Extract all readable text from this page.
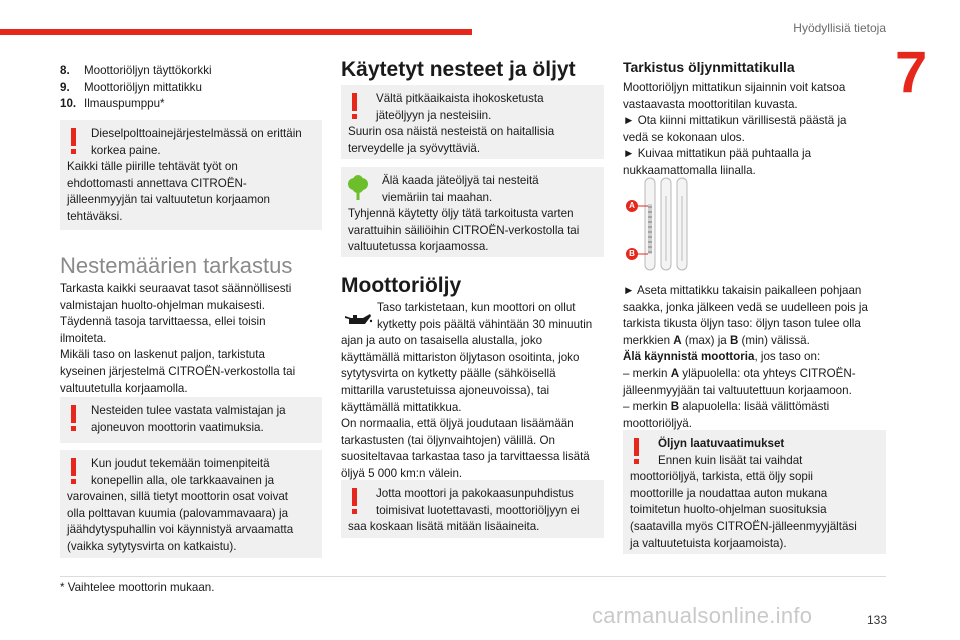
Hyödyllisiä tietoja
7
8.	Moottoriöljyn täyttökorkki
9.	Moottoriöljyn mittatikku
10. Ilmauspumppu*

Dieselpolttoainejärjestelmässä on erittäin

korkea paine.

Kaikki tälle piirille tehtävät työt on

ehdottomasti annettava CITROËN-

jälleenmyyjän tai valtuutetun korjaamon

tehtäväksi.

Nestemäärien tarkastus

Tarkasta kaikki seuraavat tasot säännöllisesti

valmistajan huolto-ohjelman mukaisesti.

Täydennä tasoja tarvittaessa, ellei toisin

ilmoiteta.

Mikäli taso on laskenut paljon, tarkistuta

kyseinen järjestelmä CITROËN-verkostolla tai

valtuutetulla korjaamolla.

Nesteiden tulee vastata valmistajan ja

ajoneuvon moottorin vaatimuksia.

Kun joudut tekemään toimenpiteitä

konepellin alla, ole tarkkaavainen ja

varovainen, sillä tietyt moottorin osat voivat

olla polttavan kuumia (palovammavaara) ja

jäähdytyspuhallin voi käynnistyä arvaamatta

(vaikka sytytysvirta on katkaistu).

Käytetyt nesteet ja öljyt

Vältä pitkäaikaista ihokosketusta

jäteöljyyn ja nesteisiin.

Suurin osa näistä nesteistä on haitallisia

terveydelle ja syövyttäviä.

Älä kaada jäteöljyä tai nesteitä

viemäriin tai maahan.

Tyhjennä käytetty öljy tätä tarkoitusta varten

varattuihin säiliöihin CITROËN-verkostolla tai

valtuutetussa korjaamossa.

Moottoriöljy

Taso tarkistetaan, kun moottori on ollut

kytketty pois päältä vähintään 30 minuutin

ajan ja auto on tasaisella alustalla, joko

käyttämällä mittariston öljytason osoitinta, joko

sytytysvirta on kytketty päälle (sähköisellä

mittarilla varustetuissa ajoneuvoissa), tai

käyttämällä mittatikkua.

On normaalia, että öljyä joudutaan lisäämään

tarkastusten (tai öljynvaihtojen) välillä. On

suositeltavaa tarkastaa taso ja tarvittaessa lisätä

öljyä 5 000 km:n välein.

Jotta moottori ja pakokaasunpuhdistus

toimisivat luotettavasti, moottoriöljyyn ei

saa koskaan lisätä mitään lisäaineita.

Tarkistus öljynmittatikulla

Moottoriöljyn mittatikun sijainnin voit katsoa

vastaavasta moottoritilan kuvasta.

► Ota kiinni mittatikun värillisestä päästä ja

vedä se kokonaan ulos.

► Kuivaa mittatikun pää puhtaalla ja

nukkaamattomalla liinalla.

A
B

► Aseta mittatikku takaisin paikalleen pohjaan

saakka, jonka jälkeen vedä se uudelleen pois ja

tarkista tikusta öljyn taso: öljyn tason tulee olla

merkkien A (max) ja B (min) välissä.

Älä käynnistä moottoria, jos taso on:

– merkin A yläpuolella: ota yhteys CITROËN-

jälleenmyyjään tai valtuutettuun korjaamoon.

– merkin B alapuolella: lisää välittömästi

moottoriöljyä.

Öljyn laatuvaatimukset

Ennen kuin lisäät tai vaihdat

moottoriöljyä, tarkista, että öljy sopii

moottorille ja noudattaa auton mukana

toimitetun huolto-ohjelman suosituksia

(saatavilla myös CITROËN-jälleenmyyjältäsi

ja valtuutetuista korjaamoista).

* Vaihtelee moottorin mukaan.
carmanualsonline.info	133
